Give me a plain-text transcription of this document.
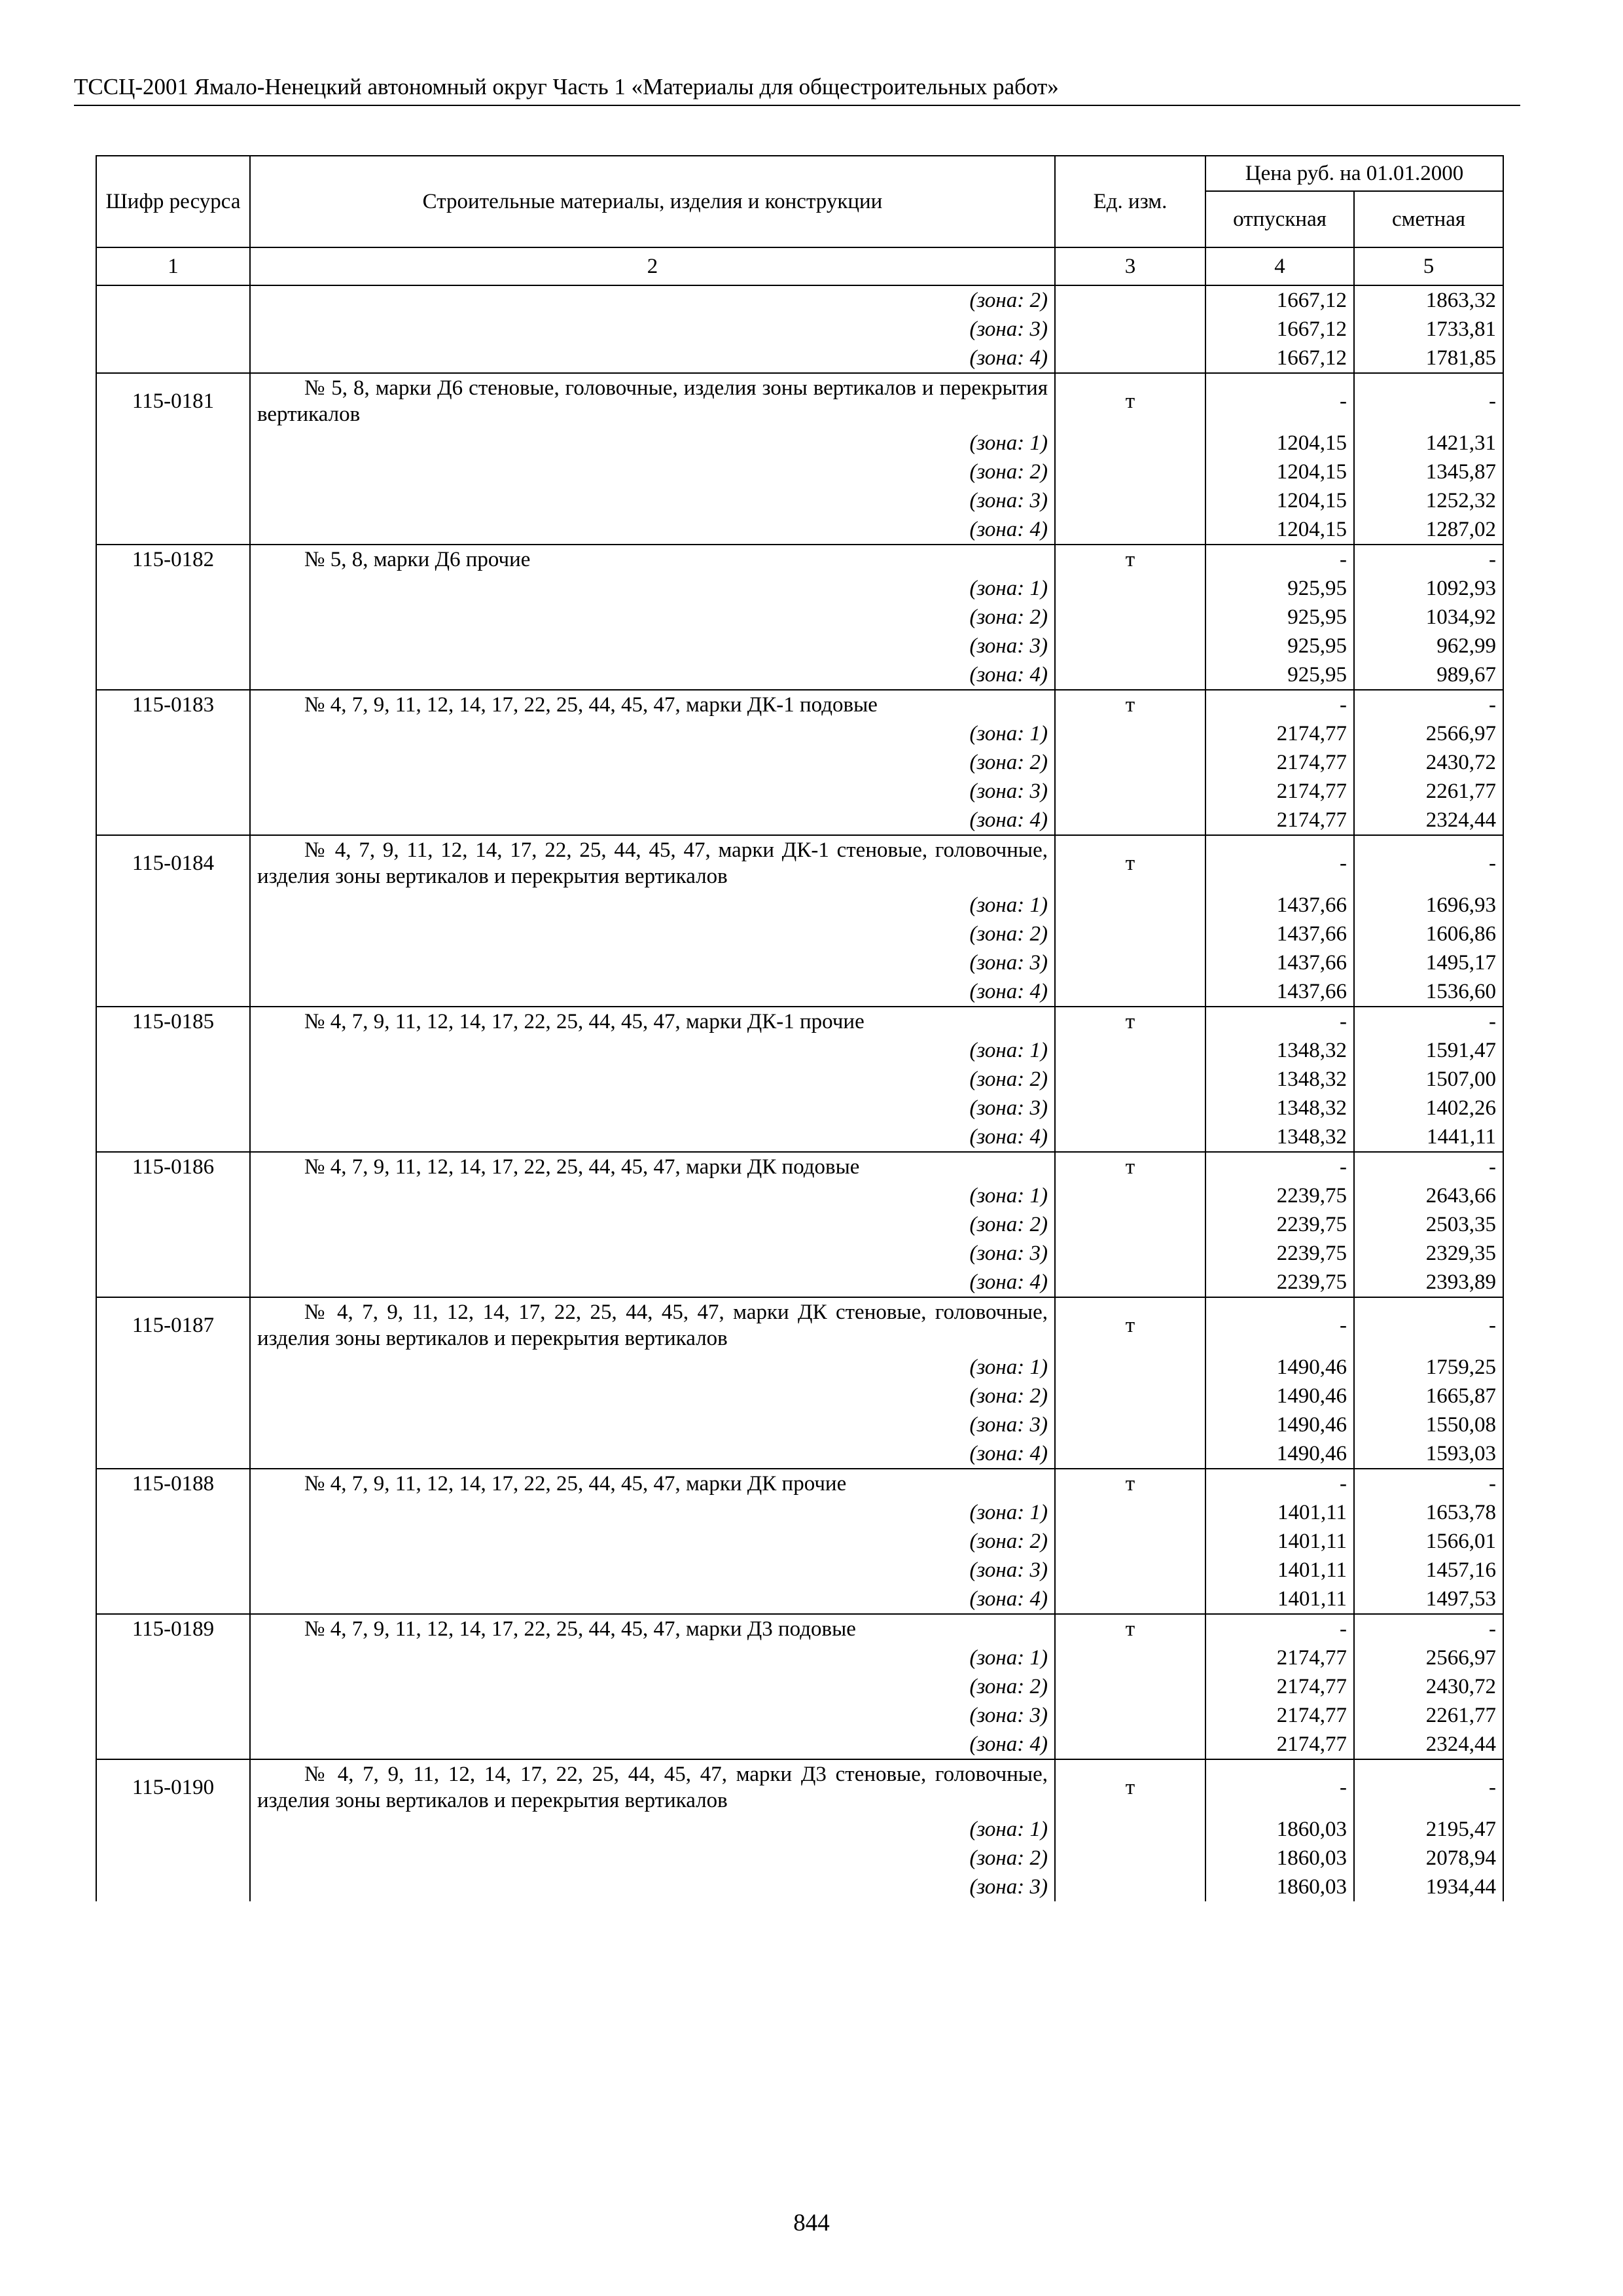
ТССЦ-2001 Ямало-Ненецкий автономный округ Часть 1 «Материалы для общестроительных работ»
Шифр ресурса	Строительные материалы, изделия и конструкции	Ед. изм.	Цена руб. на 01.01.2000	
			отпускная	сметная
1	2	3	4	5
	(зона: 2)		1667,12	1863,32
	(зона: 3)		1667,12	1733,81
	(зона: 4)		1667,12	1781,85
115-0181	№ 5, 8, марки Д6 стеновые, головочные, изделия зоны вертикалов и перекрытия вертикалов	т	-	-
	(зона: 1)		1204,15	1421,31
	(зона: 2)		1204,15	1345,87
	(зона: 3)		1204,15	1252,32
	(зона: 4)		1204,15	1287,02
115-0182	№ 5, 8, марки Д6 прочие	т	-	-
	(зона: 1)		925,95	1092,93
	(зона: 2)		925,95	1034,92
	(зона: 3)		925,95	962,99
	(зона: 4)		925,95	989,67
115-0183	№ 4, 7, 9, 11, 12, 14, 17, 22, 25, 44, 45, 47, марки ДК-1 подовые	т	-	-
	(зона: 1)		2174,77	2566,97
	(зона: 2)		2174,77	2430,72
	(зона: 3)		2174,77	2261,77
	(зона: 4)		2174,77	2324,44
115-0184	№ 4, 7, 9, 11, 12, 14, 17, 22, 25, 44, 45, 47, марки ДК-1 стеновые, головочные, изделия зоны вертикалов и перекрытия вертикалов	т	-	-
	(зона: 1)		1437,66	1696,93
	(зона: 2)		1437,66	1606,86
	(зона: 3)		1437,66	1495,17
	(зона: 4)		1437,66	1536,60
115-0185	№ 4, 7, 9, 11, 12, 14, 17, 22, 25, 44, 45, 47, марки ДК-1 прочие	т	-	-
	(зона: 1)		1348,32	1591,47
	(зона: 2)		1348,32	1507,00
	(зона: 3)		1348,32	1402,26
	(зона: 4)		1348,32	1441,11
115-0186	№ 4, 7, 9, 11, 12, 14, 17, 22, 25, 44, 45, 47, марки ДК подовые	т	-	-
	(зона: 1)		2239,75	2643,66
	(зона: 2)		2239,75	2503,35
	(зона: 3)		2239,75	2329,35
	(зона: 4)		2239,75	2393,89
115-0187	№ 4, 7, 9, 11, 12, 14, 17, 22, 25, 44, 45, 47, марки ДК стеновые, головочные, изделия зоны вертикалов и перекрытия вертикалов	т	-	-
	(зона: 1)		1490,46	1759,25
	(зона: 2)		1490,46	1665,87
	(зона: 3)		1490,46	1550,08
	(зона: 4)		1490,46	1593,03
115-0188	№ 4, 7, 9, 11, 12, 14, 17, 22, 25, 44, 45, 47, марки ДК прочие	т	-	-
	(зона: 1)		1401,11	1653,78
	(зона: 2)		1401,11	1566,01
	(зона: 3)		1401,11	1457,16
	(зона: 4)		1401,11	1497,53
115-0189	№ 4, 7, 9, 11, 12, 14, 17, 22, 25, 44, 45, 47, марки Д3 подовые	т	-	-
	(зона: 1)		2174,77	2566,97
	(зона: 2)		2174,77	2430,72
	(зона: 3)		2174,77	2261,77
	(зона: 4)		2174,77	2324,44
115-0190	№ 4, 7, 9, 11, 12, 14, 17, 22, 25, 44, 45, 47, марки Д3 стеновые, головочные, изделия зоны вертикалов и перекрытия вертикалов	т	-	-
	(зона: 1)		1860,03	2195,47
	(зона: 2)		1860,03	2078,94
	(зона: 3)		1860,03	1934,44
844
